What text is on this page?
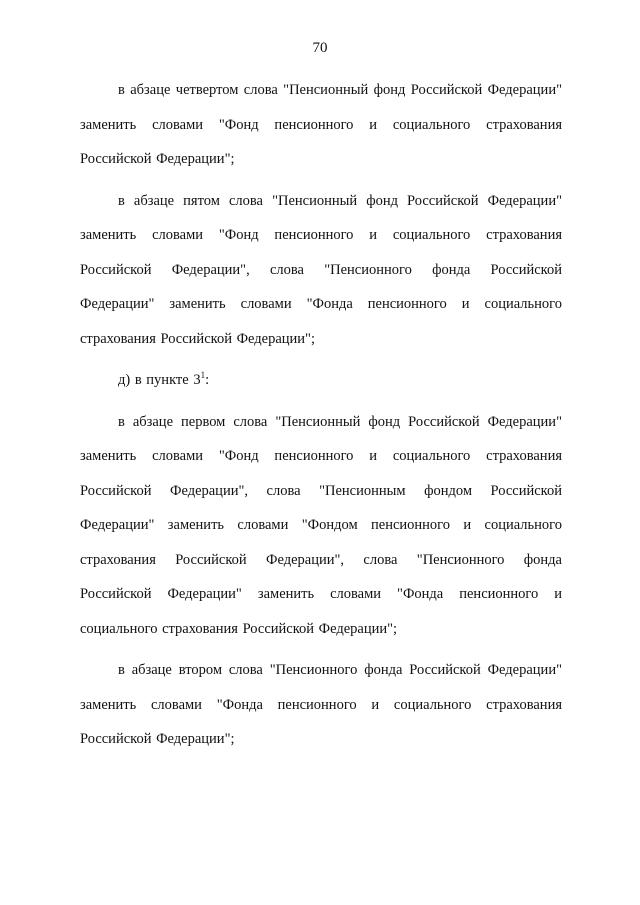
70

в абзаце четвертом слова "Пенсионный фонд Российской Федерации" заменить словами "Фонд пенсионного и социального страхования Российской Федерации";

в абзаце пятом слова "Пенсионный фонд Российской Федерации" заменить словами "Фонд пенсионного и социального страхования Российской Федерации", слова "Пенсионного фонда Российской Федерации" заменить словами "Фонда пенсионного и социального страхования Российской Федерации";

д) в пункте $3^1$:

в абзаце первом слова "Пенсионный фонд Российской Федерации" заменить словами "Фонд пенсионного и социального страхования Российской Федерации", слова "Пенсионным фондом Российской Федерации" заменить словами "Фондом пенсионного и социального страхования Российской Федерации", слова "Пенсионного фонда Российской Федерации" заменить словами "Фонда пенсионного и социального страхования Российской Федерации";

в абзаце втором слова "Пенсионного фонда Российской Федерации" заменить словами "Фонда пенсионного и социального страхования Российской Федерации";
